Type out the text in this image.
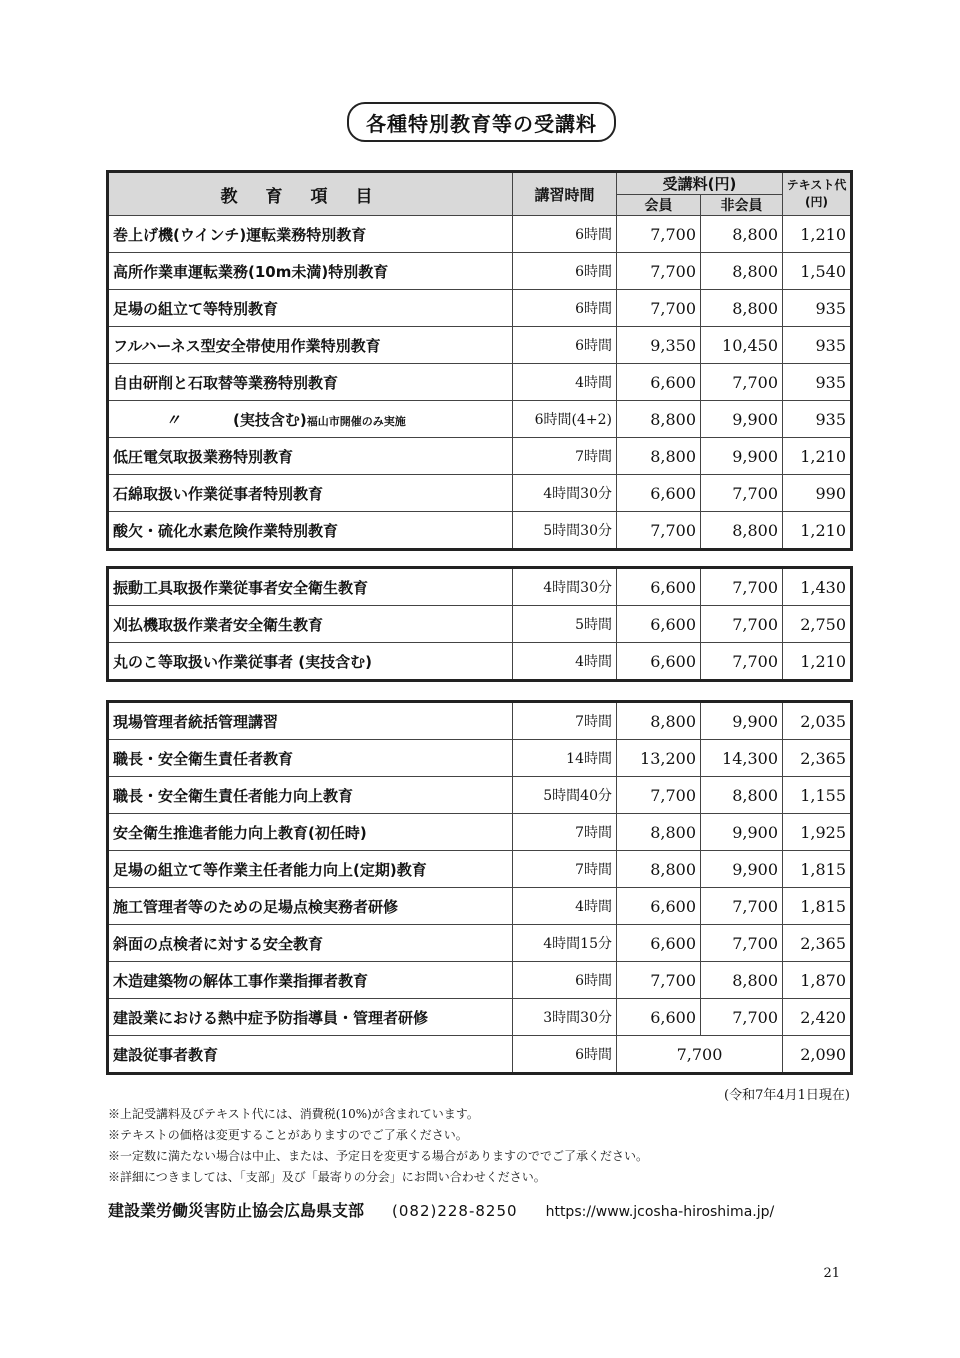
各種特別教育等の受講料
教育項目	講習時間	受講料(円)		テキスト代
(円)

		会員	非会員	
巻上げ機(ウインチ)運転業務特別教育	6時間	7,700	8,800	1,210
高所作業車運転業務(10m未満)特別教育	6時間	7,700	8,800	1,540
足場の組立て等特別教育	6時間	7,700	8,800	935
フルハーネス型安全帯使用作業特別教育	6時間	9,350	10,450	935
自由研削と石取替等業務特別教育	4時間	6,600	7,700	935
〃 (実技含む)福山市開催のみ実施	6時間(4+2)	8,800	9,900	935
低圧電気取扱業務特別教育	7時間	8,800	9,900	1,210
石綿取扱い作業従事者特別教育	4時間30分	6,600	7,700	990
酸欠・硫化水素危険作業特別教育	5時間30分	7,700	8,800	1,210
振動工具取扱作業従事者安全衛生教育	4時間30分	6,600	7,700	1,430
刈払機取扱作業者安全衛生教育	5時間	6,600	7,700	2,750
丸のこ等取扱い作業従事者 (実技含む)	4時間	6,600	7,700	1,210
現場管理者統括管理講習	7時間	8,800	9,900	2,035
職長・安全衛生責任者教育	14時間	13,200	14,300	2,365
職長・安全衛生責任者能力向上教育	5時間40分	7,700	8,800	1,155
安全衛生推進者能力向上教育(初任時)	7時間	8,800	9,900	1,925
足場の組立て等作業主任者能力向上(定期)教育	7時間	8,800	9,900	1,815
施工管理者等のための足場点検実務者研修	4時間	6,600	7,700	1,815
斜面の点検者に対する安全教育	4時間15分	6,600	7,700	2,365
木造建築物の解体工事作業指揮者教育	6時間	7,700	8,800	1,870
建設業における熱中症予防指導員・管理者研修	3時間30分	6,600	7,700	2,420
建設従事者教育	6時間	7,700		2,090
(令和7年4月1日現在)
※上記受講料及びテキスト代には、消費税(10%)が含まれています。
※テキストの価格は変更することがありますのでご了承ください。
※一定数に満たない場合は中止、または、予定日を変更する場合がありますのででご了承ください。
※詳細につきましては、「支部」及び「最寄りの分会」にお問い合わせください。
建設業労働災害防止協会広島県支部 (082)228-8250 https://www.jcosha-hiroshima.jp/
21
